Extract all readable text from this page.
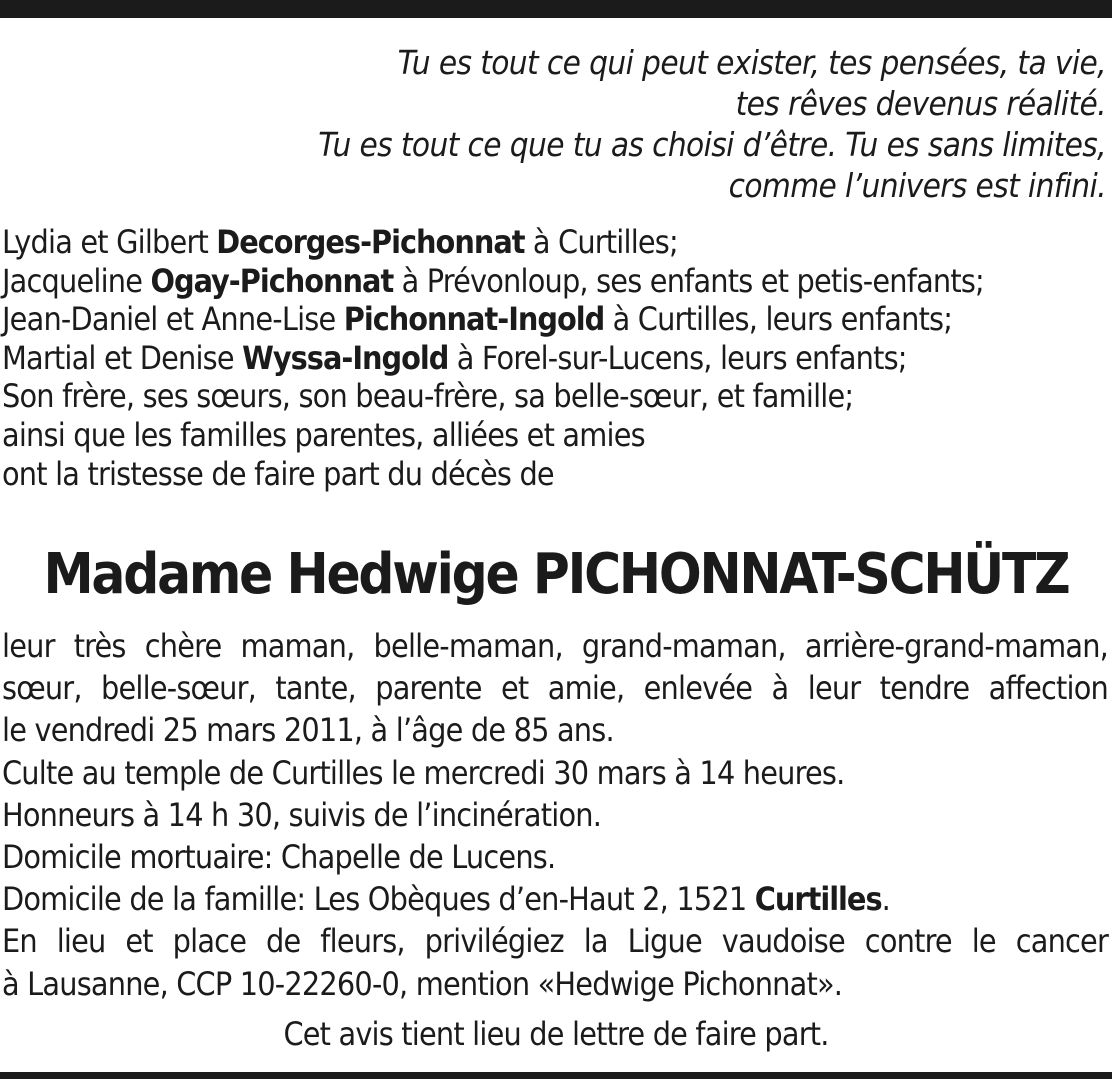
Tu es tout ce qui peut exister, tes pensées, ta vie,
tes rêves devenus réalité.
Tu es tout ce que tu as choisi d’être. Tu es sans limites,
comme l’univers est infini.
Lydia et Gilbert Decorges-Pichonnat à Curtilles;
Jacqueline Ogay-Pichonnat à Prévonloup, ses enfants et petis-enfants;
Jean-Daniel et Anne-Lise Pichonnat-Ingold à Curtilles, leurs enfants;
Martial et Denise Wyssa-Ingold à Forel-sur-Lucens, leurs enfants;
Son frère, ses sœurs, son beau-frère, sa belle-sœur, et famille;
ainsi que les familles parentes, alliées et amies
ont la tristesse de faire part du décès de
Madame Hedwige PICHONNAT-SCHÜTZ
leur très chère maman, belle-maman, grand-maman, arrière-grand-maman,
sœur, belle-sœur, tante, parente et amie, enlevée à leur tendre affection
le vendredi 25 mars 2011, à l’âge de 85 ans.
Culte au temple de Curtilles le mercredi 30 mars à 14 heures.
Honneurs à 14 h 30, suivis de l’incinération.
Domicile mortuaire: Chapelle de Lucens.
Domicile de la famille: Les Obèques d’en-Haut 2, 1521 Curtilles.
En lieu et place de fleurs, privilégiez la Ligue vaudoise contre le cancer
à Lausanne, CCP 10-22260-0, mention «Hedwige Pichonnat».
Cet avis tient lieu de lettre de faire part.
